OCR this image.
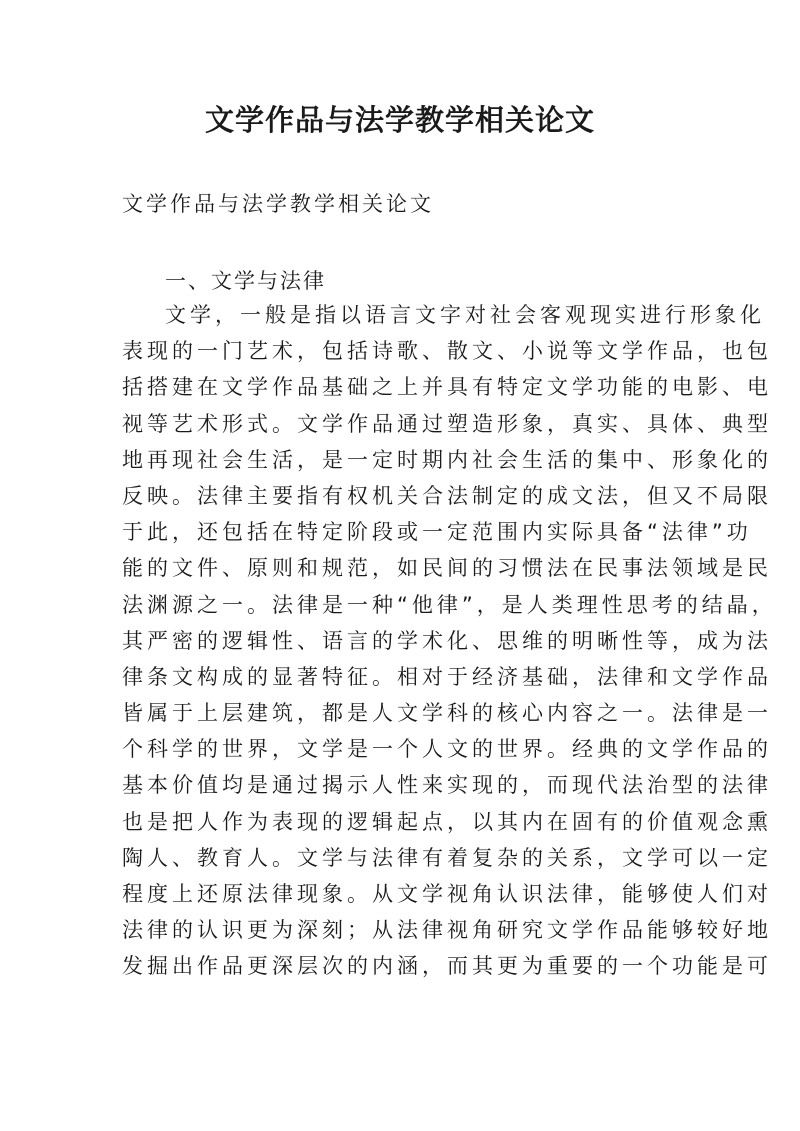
文学作品与法学教学相关论文

文学作品与法学教学相关论文

一、文学与法律

文学，一般是指以语言文字对社会客观现实进行形象化
表现的一门艺术，包括诗歌、散文、小说等文学作品，也包
括搭建在文学作品基础之上并具有特定文学功能的电影、电
视等艺术形式。文学作品通过塑造形象，真实、具体、典型
地再现社会生活，是一定时期内社会生活的集中、形象化的
反映。法律主要指有权机关合法制定的成文法，但又不局限
于此，还包括在特定阶段或一定范围内实际具备“法律”功
能的文件、原则和规范，如民间的习惯法在民事法领域是民
法渊源之一。法律是一种“他律”，是人类理性思考的结晶，
其严密的逻辑性、语言的学术化、思维的明晰性等，成为法
律条文构成的显著特征。相对于经济基础，法律和文学作品
皆属于上层建筑，都是人文学科的核心内容之一。法律是一
个科学的世界，文学是一个人文的世界。经典的文学作品的
基本价值均是通过揭示人性来实现的，而现代法治型的法律
也是把人作为表现的逻辑起点，以其内在固有的价值观念熏
陶人、教育人。文学与法律有着复杂的关系，文学可以一定
程度上还原法律现象。从文学视角认识法律，能够使人们对
法律的认识更为深刻；从法律视角研究文学作品能够较好地
发掘出作品更深层次的内涵，而其更为重要的一个功能是可
